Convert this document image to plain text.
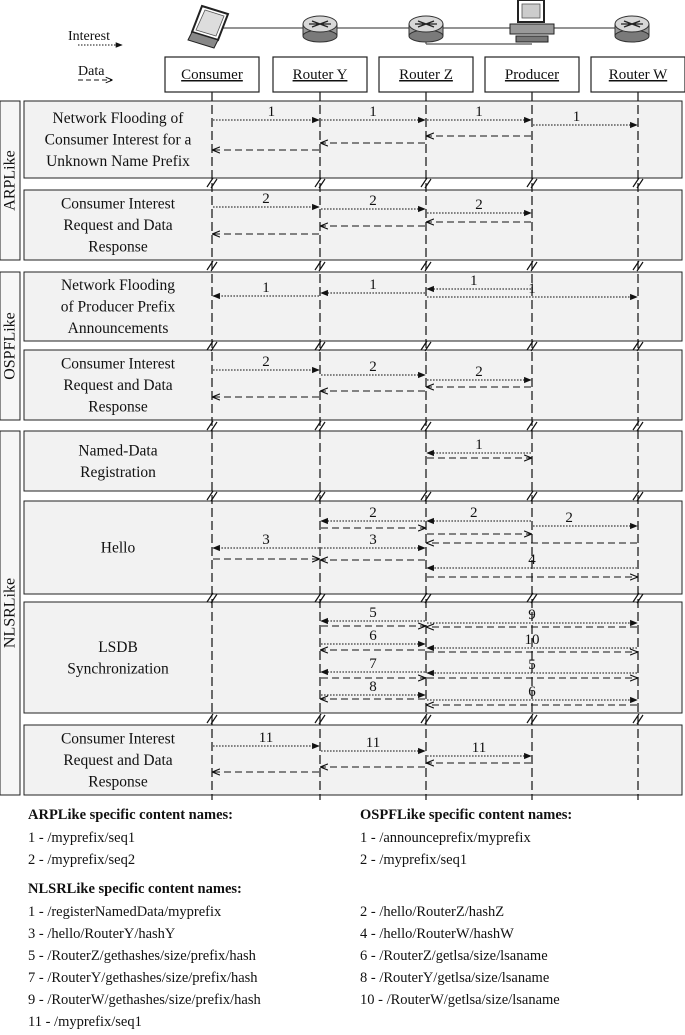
Interest
Data
ARPLike
OSPFLike
NLSRLike
Consumer	Router Y	Router Z	Producer	Router W
Network Flooding of Consumer Interest for a Unknown Name Prefix
Consumer Interest Request and Data Response
Network Flooding of Producer Prefix Announcements
Consumer Interest Request and Data Response
Named-Data Registration
Hello
LSDB Synchronization
Consumer Interest Request and Data Response
1	1	1	1
2	2	2
1
1
1	1
2	2	2
1
2	2	2
3	3
4
5
6
7
8
9
10
5
6
11	11	11
ARPLike specific content names:
1 - /myprefix/seq1
2 - /myprefix/seq2
OSPFLike specific content names:
1 - /announceprefix/myprefix
2 - /myprefix/seq1
NLSRLike specific content names:
1 - /registerNamedData/myprefix	2 - /hello/RouterZ/hashZ
3 - /hello/RouterY/hashY	4 - /hello/RouterW/hashW
5 - /RouterZ/gethashes/size/prefix/hash	6 - /RouterZ/getlsa/size/lsaname
7 - /RouterY/gethashes/size/prefix/hash	8 - /RouterY/getlsa/size/lsaname
9 - /RouterW/gethashes/size/prefix/hash	10 - /RouterW/getlsa/size/lsaname
11 - /myprefix/seq1
